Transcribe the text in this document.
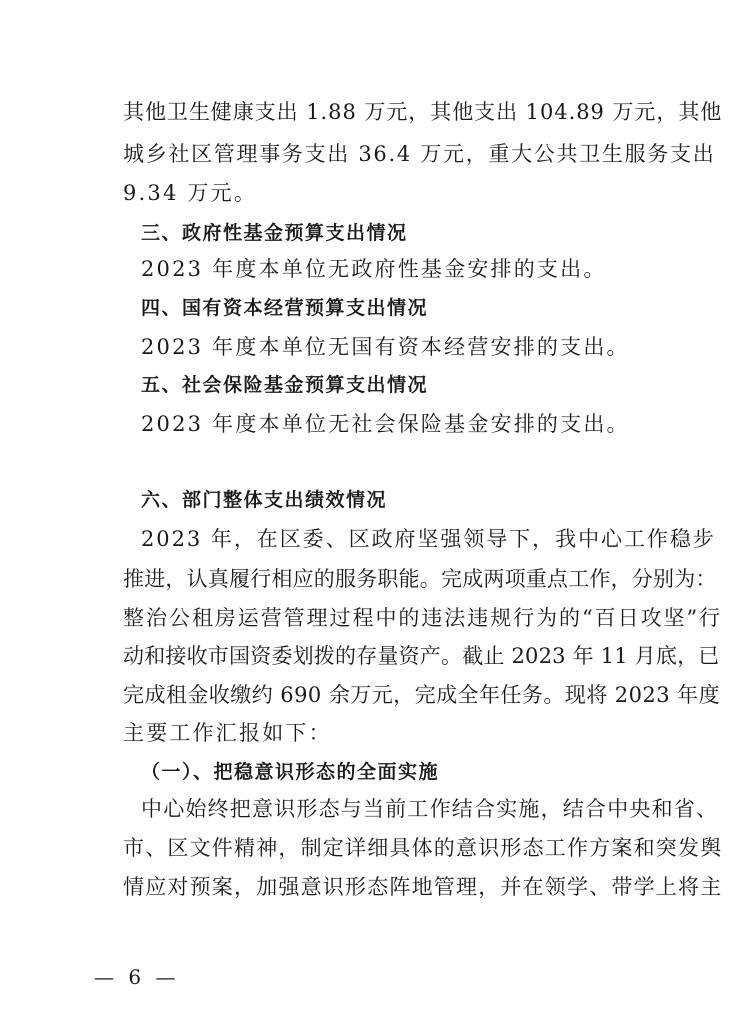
其他卫生健康支出 1.88 万元，其他支出 104.89 万元，其他
城乡社区管理事务支出 36.4 万元，重大公共卫生服务支出
9.34 万元。
三、政府性基金预算支出情况
2023 年度本单位无政府性基金安排的支出。
四、国有资本经营预算支出情况
2023 年度本单位无国有资本经营安排的支出。
五、社会保险基金预算支出情况
2023 年度本单位无社会保险基金安排的支出。
六、部门整体支出绩效情况
2023 年，在区委、区政府坚强领导下，我中心工作稳步
推进，认真履行相应的服务职能。完成两项重点工作，分别为：
整治公租房运营管理过程中的违法违规行为的“百日攻坚”行
动和接收市国资委划拨的存量资产。截止 2023 年 11 月底，已
完成租金收缴约 690 余万元，完成全年任务。现将 2023 年度
主要工作汇报如下：
（一）、把稳意识形态的全面实施
中心始终把意识形态与当前工作结合实施，结合中央和省、
市、区文件精神，制定详细具体的意识形态工作方案和突发舆
情应对预案，加强意识形态阵地管理，并在领学、带学上将主
— 6 —
